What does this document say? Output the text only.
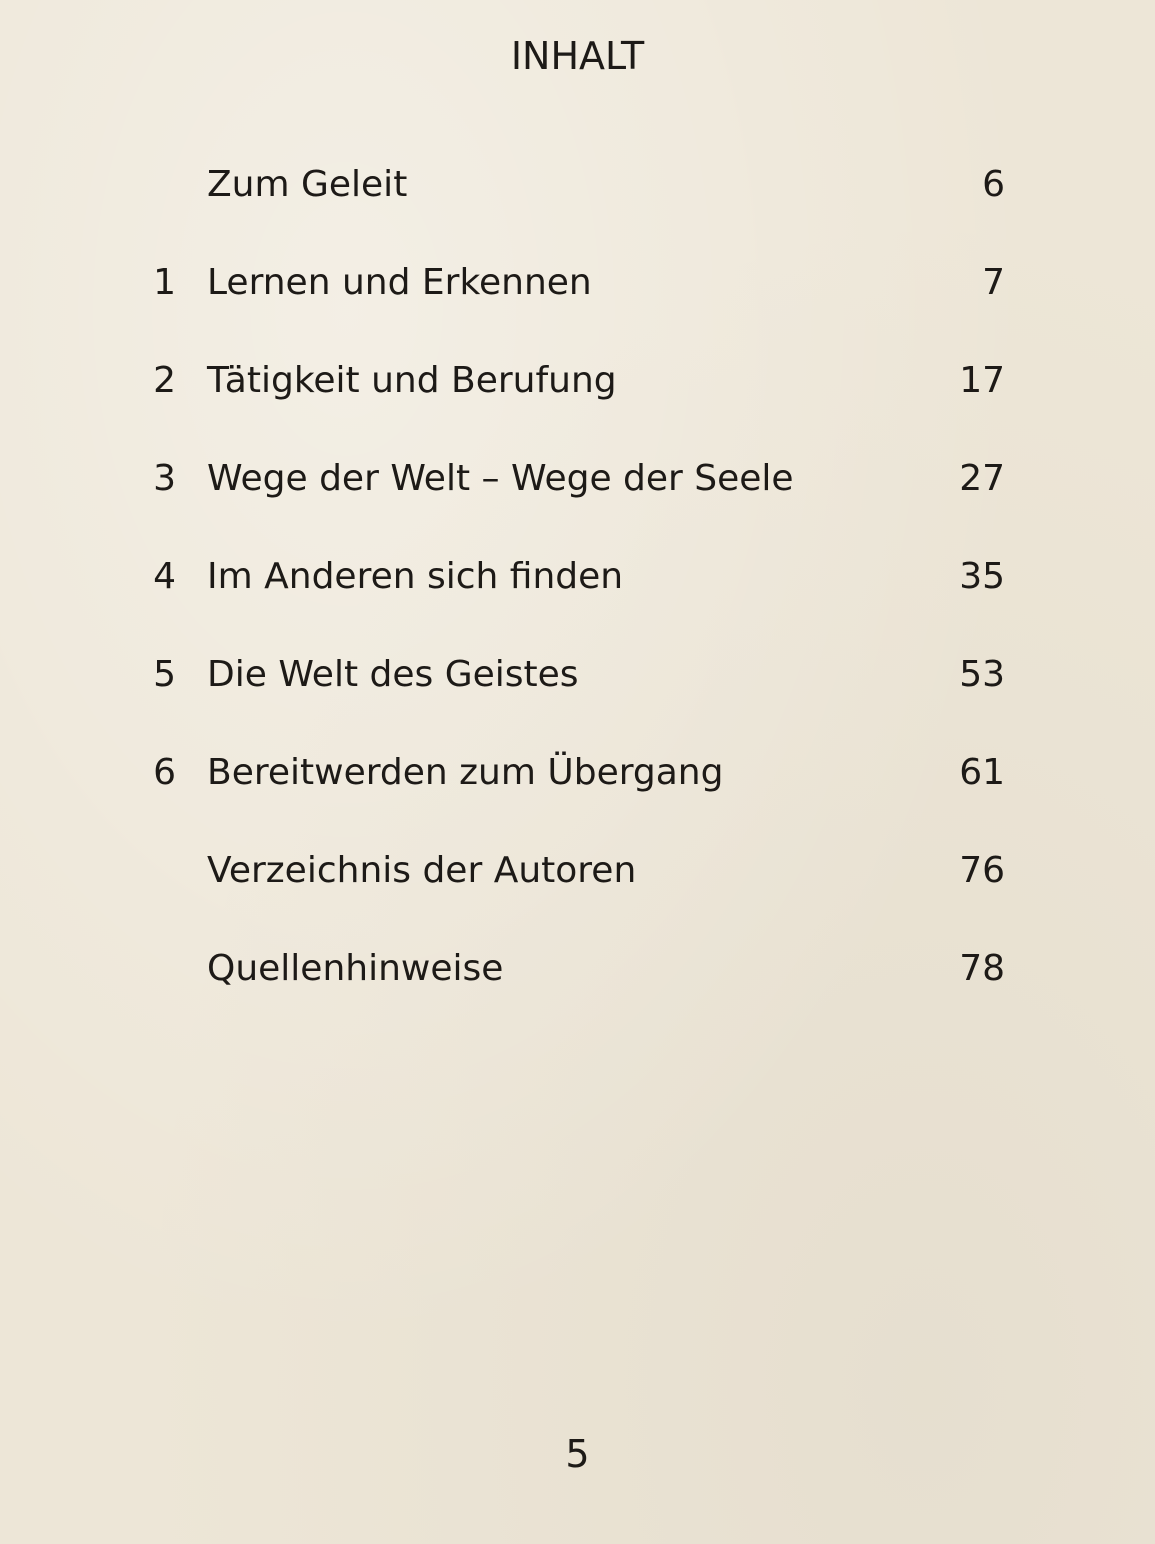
INHALT
Zum Geleit	6
1 Lernen und Erkennen	7
2 Tätigkeit und Berufung	17
3 Wege der Welt – Wege der Seele	27
4 Im Anderen sich finden	35
5 Die Welt des Geistes	53
6 Bereitwerden zum Übergang	61
Verzeichnis der Autoren	76
Quellenhinweise	78
5
